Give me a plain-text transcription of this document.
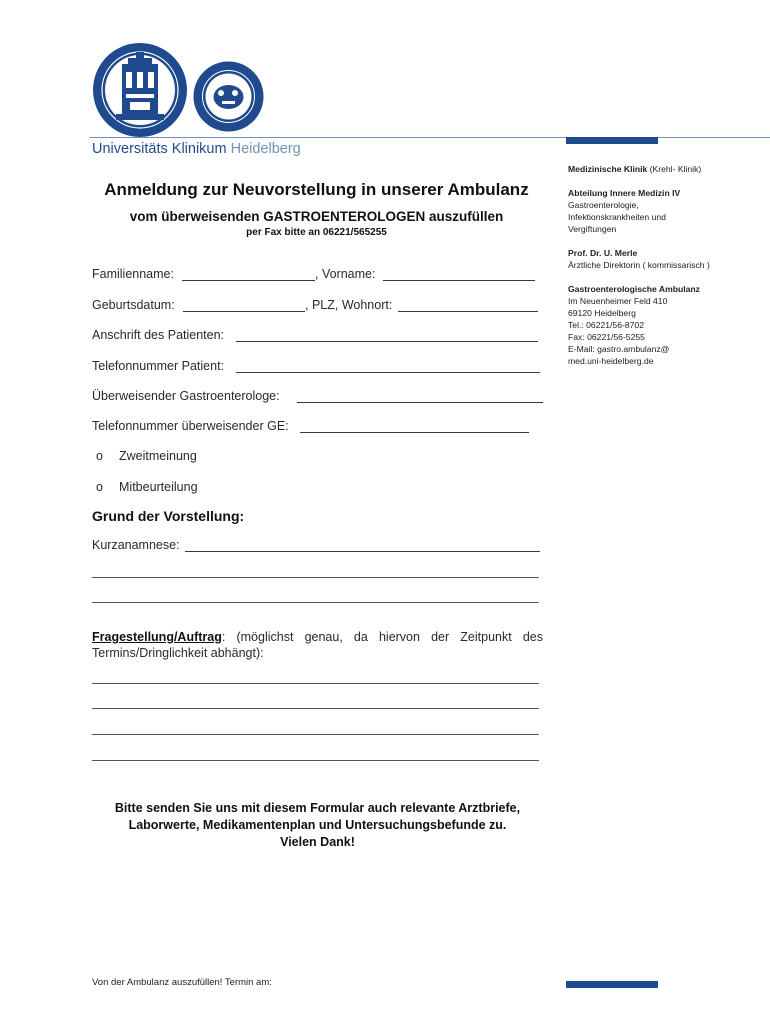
Universitäts Klinikum Heidelberg
Anmeldung zur Neuvorstellung in unserer Ambulanz
vom überweisenden GASTROENTEROLOGEN auszufüllen
per Fax bitte an 06221/565255
Familienname:	, Vorname:
Geburtsdatum:	, PLZ, Wohnort:
Anschrift des Patienten:
Telefonnummer Patient:
Überweisender Gastroenterologe:
Telefonnummer überweisender GE:
o Zweitmeinung
o Mitbeurteilung
Grund der Vorstellung:
Kurzanamnese:
Fragestellung/Auftrag: (möglichst genau, da hiervon der Zeitpunkt des Termins/Dringlichkeit abhängt):
Bitte senden Sie uns mit diesem Formular auch relevante Arztbriefe,
Laborwerte, Medikamentenplan und Untersuchungsbefunde zu.
Vielen Dank!
Medizinische Klinik (Krehl- Klinik)
Abteilung Innere Medizin IV
Gastroenterologie,
Infektionskrankheiten und
Vergiftungen
Prof. Dr. U. Merle
Ärztliche Direktorin ( kommissarisch )
Gastroenterologische Ambulanz
Im Neuenheimer Feld 410
69120 Heidelberg
Tel.: 06221/56-8702
Fax: 06221/56-5255
E-Mail: gastro.ambulanz@
med.uni-heidelberg.de
Von der Ambulanz auszufüllen! Termin am:
